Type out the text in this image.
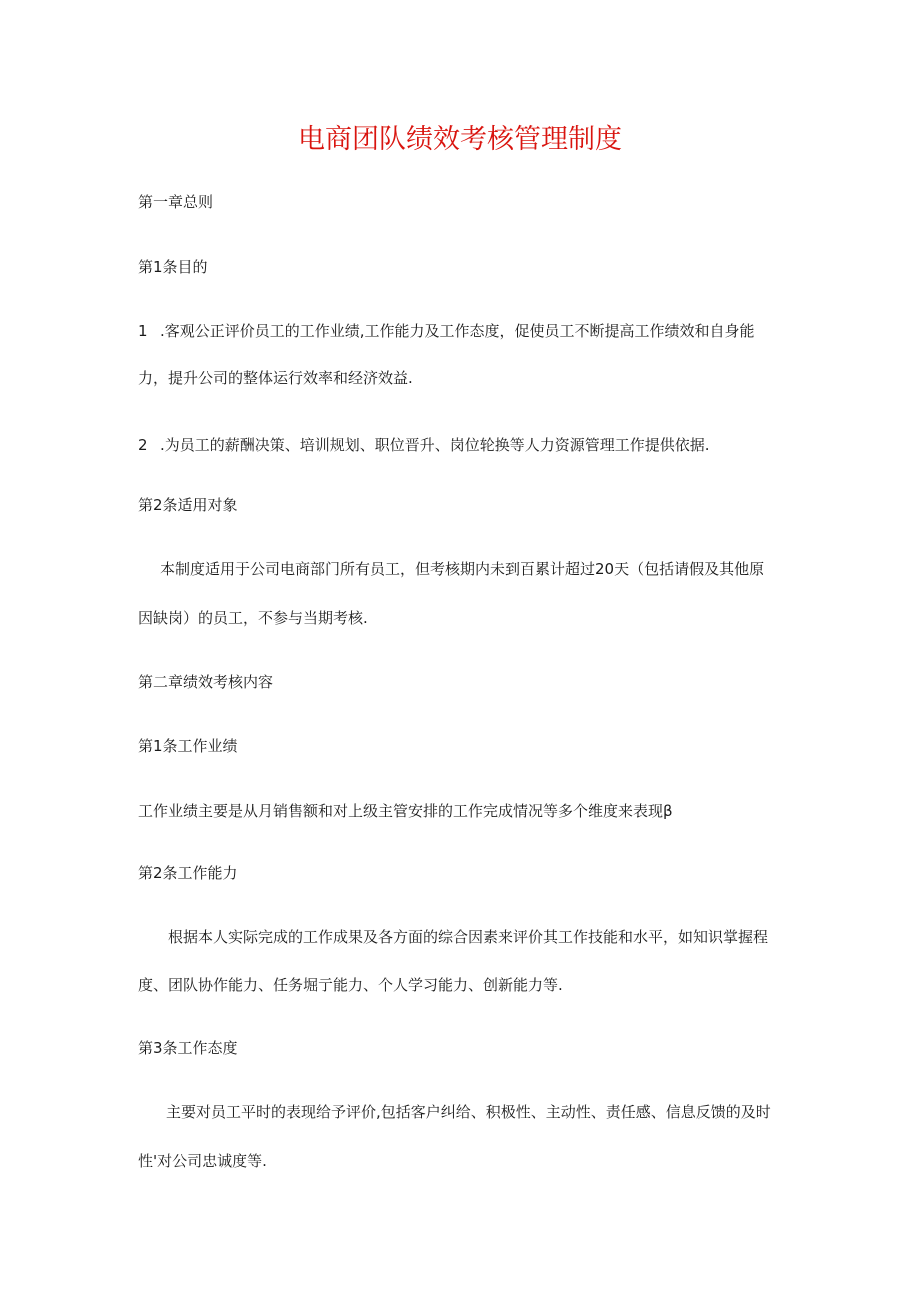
电商团队绩效考核管理制度

第一章总则

第1条目的

1 .客观公正评价员工的工作业绩,工作能力及工作态度，促使员工不断提高工作绩效和自身能

力，提升公司的整体运行效率和经济效益.

2 .为员工的薪酬决策、培训规划、职位晋升、岗位轮换等人力资源管理工作提供依据.

第2条适用对象

本制度适用于公司电商部门所有员工，但考核期内未到百累计超过20天（包括请假及其他原

因缺岗）的员工，不参与当期考核.

第二章绩效考核内容

第1条工作业绩

工作业绩主要是从月销售额和对上级主管安排的工作完成情况等多个维度来表现β

第2条工作能力

根据本人实际完成的工作成果及各方面的综合因素来评价其工作技能和水平，如知识掌握程

度、团队协作能力、任务堀亍能力、个人学习能力、创新能力等.

第3条工作态度

主要对员工平时的表现给予评价,包括客户纠给、积极性、主动性、责任感、信息反馈的及时

性'对公司忠诚度等.
